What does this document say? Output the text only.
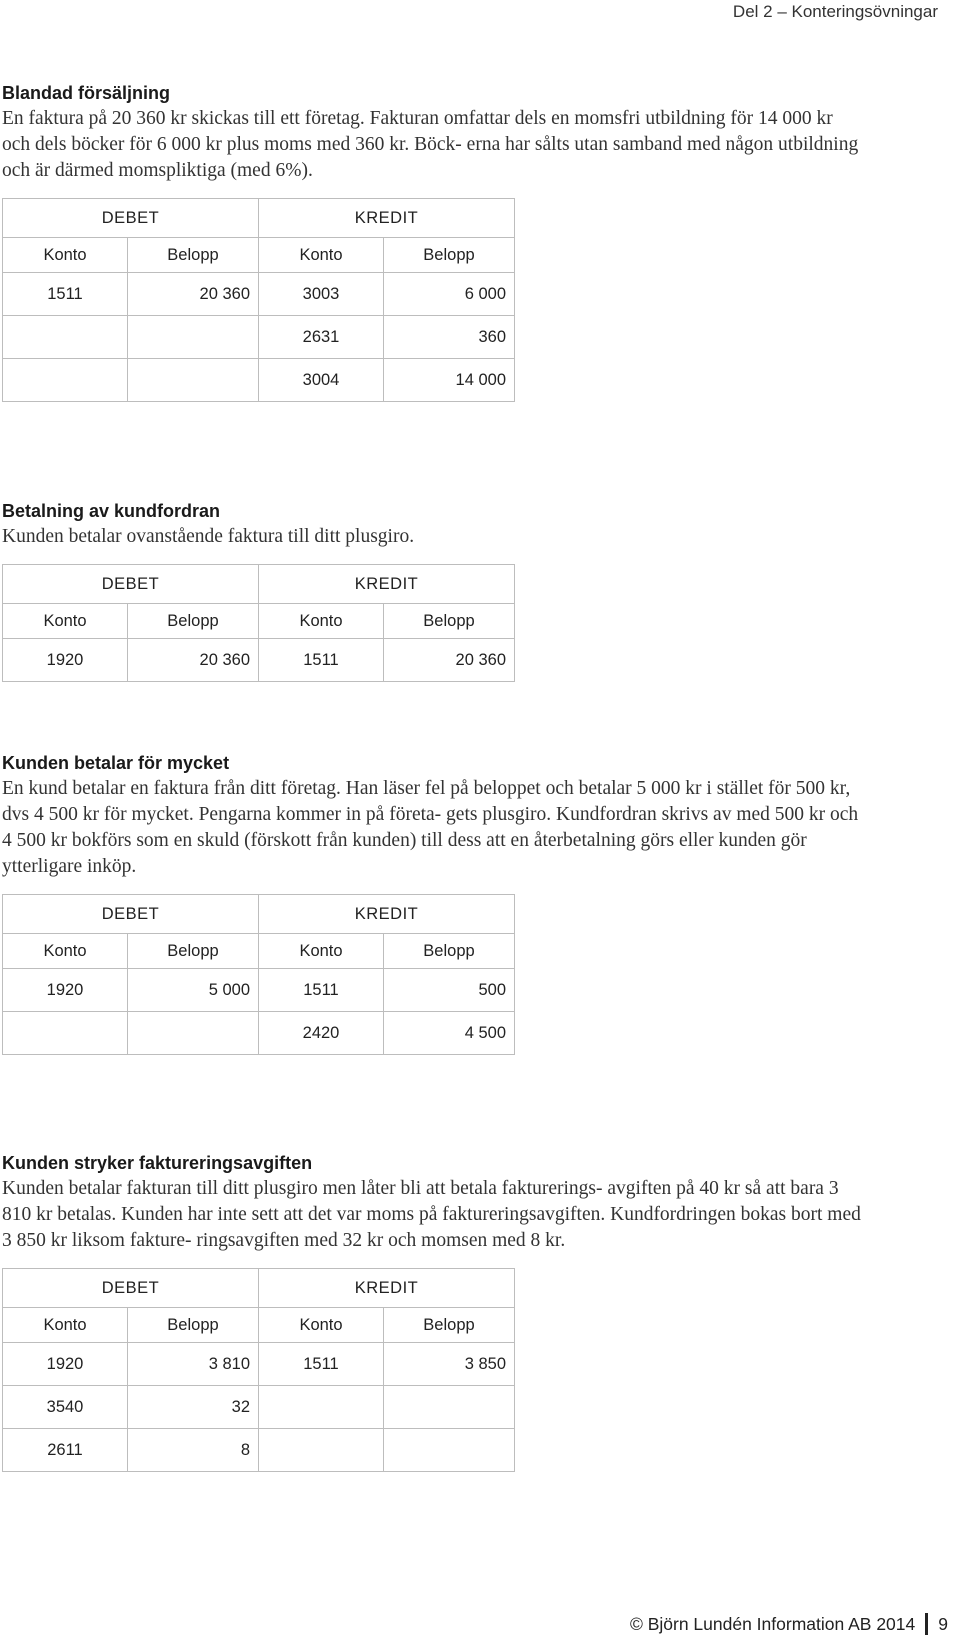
Del 2 – Konteringsövningar
Blandad försäljning

En faktura på 20 360 kr skickas till ett företag. Fakturan omfattar dels en momsfri utbildning för 14 000 kr och dels böcker för 6 000 kr plus moms med 360 kr. Böck- erna har sålts utan samband med någon utbildning och är därmed momspliktiga (med 6%).

DEBET		KREDIT	
Konto	Belopp	Konto	Belopp
1511	20 360	3003	6 000
		2631	360
		3004	14 000
Betalning av kundfordran

Kunden betalar ovanstående faktura till ditt plusgiro.

DEBET		KREDIT	
Konto	Belopp	Konto	Belopp
1920	20 360	1511	20 360
Kunden betalar för mycket

En kund betalar en faktura från ditt företag. Han läser fel på beloppet och betalar 5 000 kr i stället för 500 kr, dvs 4 500 kr för mycket. Pengarna kommer in på företa- gets plusgiro. Kundfordran skrivs av med 500 kr och 4 500 kr bokförs som en skuld (förskott från kunden) till dess att en återbetalning görs eller kunden gör ytterligare inköp.

DEBET		KREDIT	
Konto	Belopp	Konto	Belopp
1920	5 000	1511	500
		2420	4 500
Kunden stryker faktureringsavgiften

Kunden betalar fakturan till ditt plusgiro men låter bli att betala fakturerings- avgiften på 40 kr så att bara 3 810 kr betalas. Kunden har inte sett att det var moms på faktureringsavgiften. Kundfordringen bokas bort med 3 850 kr liksom fakture- ringsavgiften med 32 kr och momsen med 8 kr.

DEBET		KREDIT	
Konto	Belopp	Konto	Belopp
1920	3 810	1511	3 850
3540	32		
2611	8		
© Björn Lundén Information AB 2014 9
